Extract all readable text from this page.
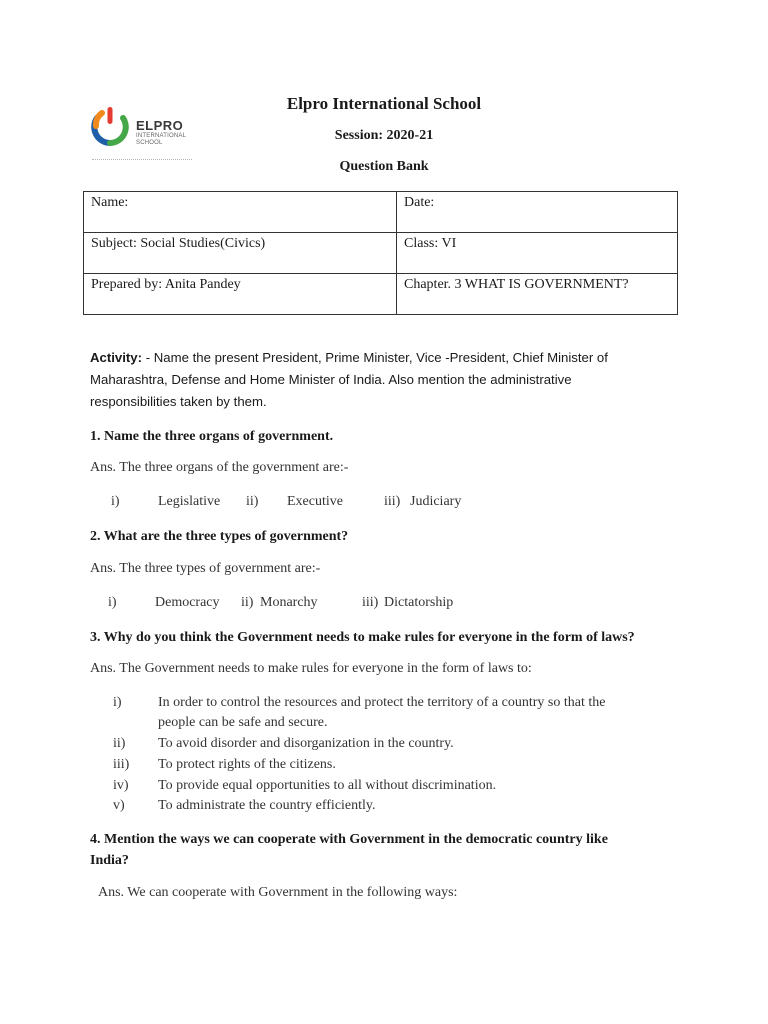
ELPRO
INTERNATIONAL
SCHOOL
Elpro International School
Session: 2020-21
Question Bank
Name:	Date:

Subject: Social Studies(Civics)	Class: VI

Prepared by: Anita Pandey	Chapter. 3 WHAT IS GOVERNMENT?
Activity: - Name the present President, Prime Minister, Vice -President, Chief Minister of
Maharashtra, Defense and Home Minister of India. Also mention the administrative
responsibilities taken by them.
1. Name the three organs of government.
Ans. The three organs of the government are:-
i)	Legislative ii) Executive	iii) Judiciary
2. What are the three types of government?
Ans. The three types of government are:-
i)	Democracy ii) Monarchy	iii) Dictatorship
3. Why do you think the Government needs to make rules for everyone in the form of laws?
Ans. The Government needs to make rules for everyone in the form of laws to:
i)	In order to control the resources and protect the territory of a country so that the
people can be safe and secure.
ii) To avoid disorder and disorganization in the country.
iii) To protect rights of the citizens.
iv) To provide equal opportunities to all without discrimination.
v) To administrate the country efficiently.
4. Mention the ways we can cooperate with Government in the democratic country like
India?
Ans. We can cooperate with Government in the following ways:
